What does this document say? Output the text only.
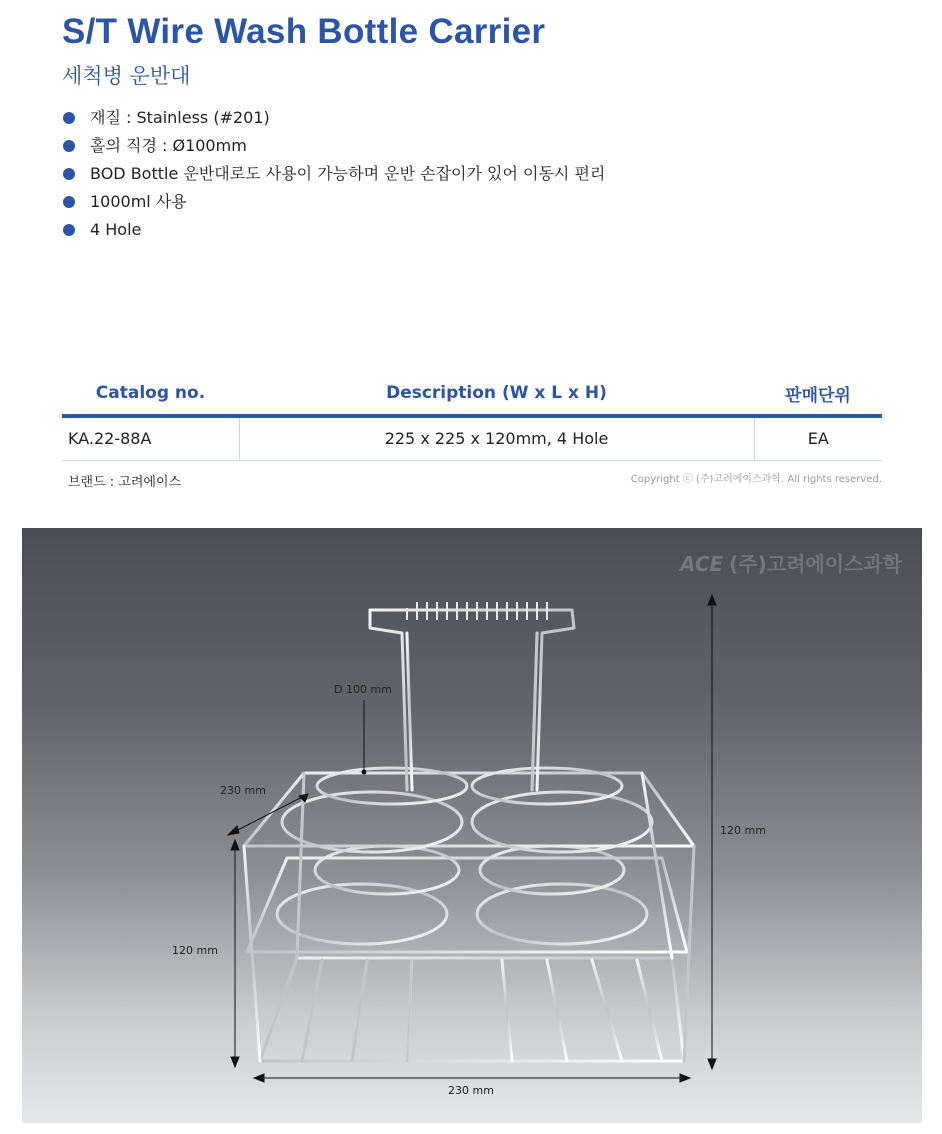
S/T Wire Wash Bottle Carrier
세척병 운반대
재질 : Stainless (#201)
홀의 직경 : Ø100mm
BOD Bottle 운반대로도 사용이 가능하며 운반 손잡이가 있어 이동시 편리
1000ml 사용
4 Hole
Catalog no.	Description (W x L x H)	판매단위
KA.22-88A	225 x 225 x 120mm, 4 Hole	EA
브랜드 : 고려에이스	Copyright ⓒ (주)고려에이스과학. All rights reserved.
ACE (주)고려에이스과학
D 100 mm
230 mm
120 mm
120 mm
230 mm
